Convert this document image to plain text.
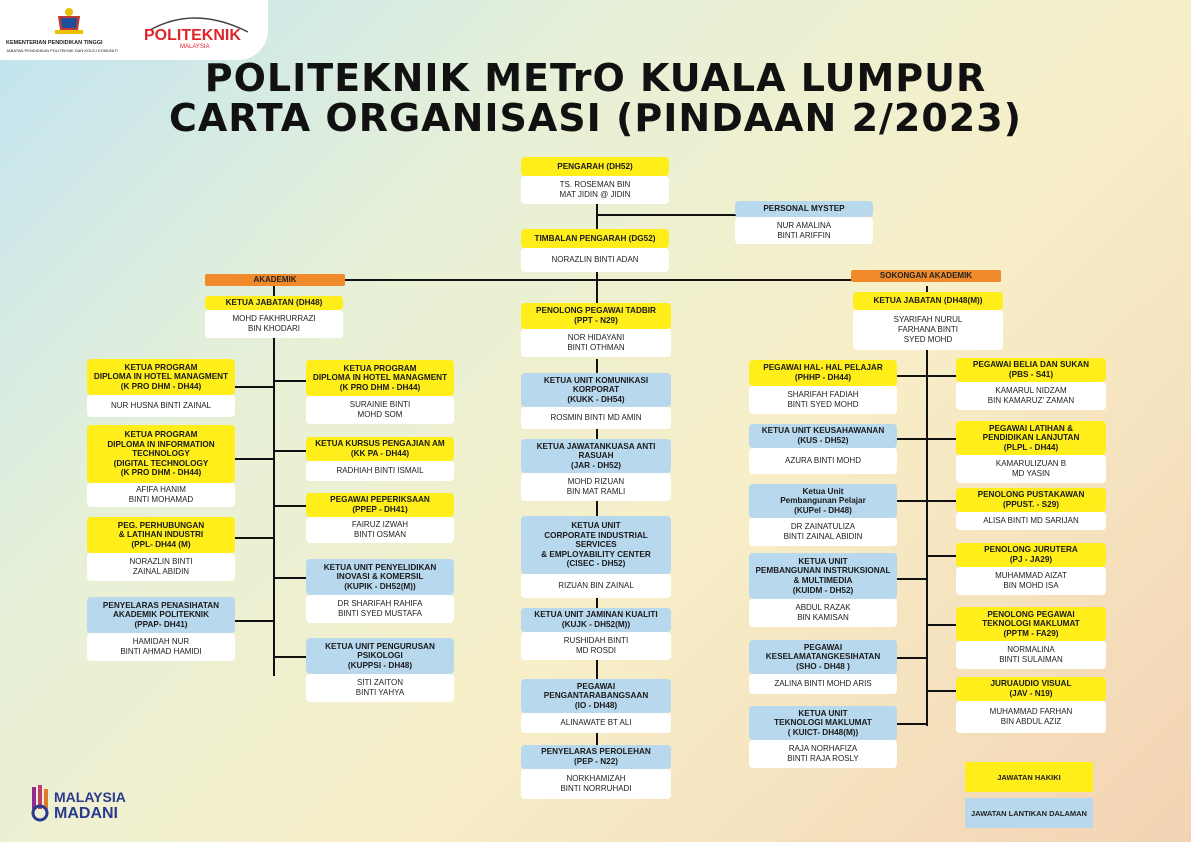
KEMENTERIAN PENDIDIKAN TINGGI
JABATAN PENDIDIKAN POLITEKNIK DAN KOLEJ KOMUNITI
POLITEKNIK
MALAYSIA
POLITEKNIK METrO KUALA LUMPUR
CARTA ORGANISASI (PINDAAN 2/2023)
AKADEMIK	SOKONGAN AKADEMIK
PENGARAH (DH52)
TS. ROSEMAN BIN
MAT JIDIN @ JIDIN
PERSONAL MYSTEP
NUR AMALINA
BINTI ARIFFIN
TIMBALAN PENGARAH (DG52)
NORAZLIN BINTI ADAN
PENOLONG PEGAWAI TADBIR
(PPT - N29)
NOR HIDAYANI
BINTI OTHMAN
KETUA UNIT KOMUNIKASI
KORPORAT
(KUKK - DH54)
ROSMIN BINTI MD AMIN
KETUA JAWATANKUASA ANTI
RASUAH
(JAR - DH52)
MOHD RIZUAN
BIN MAT RAMLI
KETUA UNIT
CORPORATE INDUSTRIAL
SERVICES
& EMPLOYABILITY CENTER
(CISEC - DH52)
RIZUAN BIN ZAINAL
KETUA UNIT JAMINAN KUALITI
(KUJK - DH52(M))
RUSHIDAH BINTI
MD ROSDI
PEGAWAI
PENGANTARABANGSAAN
(IO - DH48)
ALINAWATE BT ALI
PENYELARAS PEROLEHAN
(PEP - N22)
NORKHAMIZAH
BINTI NORRUHADI
KETUA JABATAN (DH48)
MOHD FAKHRURRAZI
BIN KHODARI
KETUA PROGRAM
DIPLOMA IN HOTEL MANAGMENT
(K PRO DHM - DH44)
NUR HUSNA BINTI ZAINAL
KETUA PROGRAM
DIPLOMA IN INFORMATION
TECHNOLOGY
(DIGITAL TECHNOLOGY
(K PRO DHM - DH44)
AFIFA HANIM
BINTI MOHAMAD
PEG. PERHUBUNGAN
& LATIHAN INDUSTRI
(PPL- DH44 (M)
NORAZLIN BINTI
ZAINAL ABIDIN
PENYELARAS PENASIHATAN
AKADEMIK POLITEKNIK
(PPAP- DH41)
HAMIDAH NUR
BINTI AHMAD HAMIDI
KETUA PROGRAM
DIPLOMA IN HOTEL MANAGMENT
(K PRO DHM - DH44)
SURAINIE BINTI
MOHD SOM
KETUA KURSUS PENGAJIAN AM
(KK PA - DH44)
RADHIAH BINTI ISMAIL
PEGAWAI PEPERIKSAAN
(PPEP - DH41)
FAIRUZ IZWAH
BINTI OSMAN
KETUA UNIT PENYELIDIKAN
INOVASI & KOMERSIL
(KUPIK - DH52(M))
DR SHARIFAH RAHIFA
BINTI SYED MUSTAFA
KETUA UNIT PENGURUSAN
PSIKOLOGI
(KUPPSI - DH48)
SITI ZAITON
BINTI YAHYA
KETUA JABATAN (DH48(M))
SYARIFAH NURUL
FARHANA BINTI
SYED MOHD
PEGAWAI HAL- HAL PELAJAR
(PHHP - DH44)
SHARIFAH FADIAH
BINTI SYED MOHD
KETUA UNIT KEUSAHAWANAN
(KUS - DH52)
AZURA BINTI MOHD
Ketua Unit
Pembangunan Pelajar
(KUPel - DH48)
DR ZAINATULIZA
BINTI ZAINAL ABIDIN
KETUA UNIT
PEMBANGUNAN INSTRUKSIONAL
& MULTIMEDIA
(KUIDM - DH52)
ABDUL RAZAK
BIN KAMISAN
PEGAWAI
KESELAMATANGKESIHATAN
(SHO - DH48 )
ZALINA BINTI MOHD ARIS
KETUA UNIT
TEKNOLOGI MAKLUMAT
( KUICT- DH48(M))
RAJA NORHAFIZA
BINTI RAJA ROSLY
PEGAWAI BELIA DAN SUKAN
(PBS - S41)
KAMARUL NIDZAM
BIN KAMARUZ' ZAMAN
PEGAWAI LATIHAN &
PENDIDIKAN LANJUTAN
(PLPL - DH44)
KAMARULIZUAN B
MD YASIN
PENOLONG PUSTAKAWAN
(PPUST. - S29)
ALISA BINTI MD SARIJAN
PENOLONG JURUTERA
(PJ - JA29)
MUHAMMAD AIZAT
BIN MOHD ISA
PENOLONG PEGAWAI
TEKNOLOGI MAKLUMAT
(PPTM - FA29)
NORMALINA
BINTI SULAIMAN
JURUAUDIO VISUAL
(JAV - N19)
MUHAMMAD FARHAN
BIN ABDUL AZIZ
JAWATAN HAKIKI
JAWATAN LANTIKAN DALAMAN
MALAYSIA
MADANI
